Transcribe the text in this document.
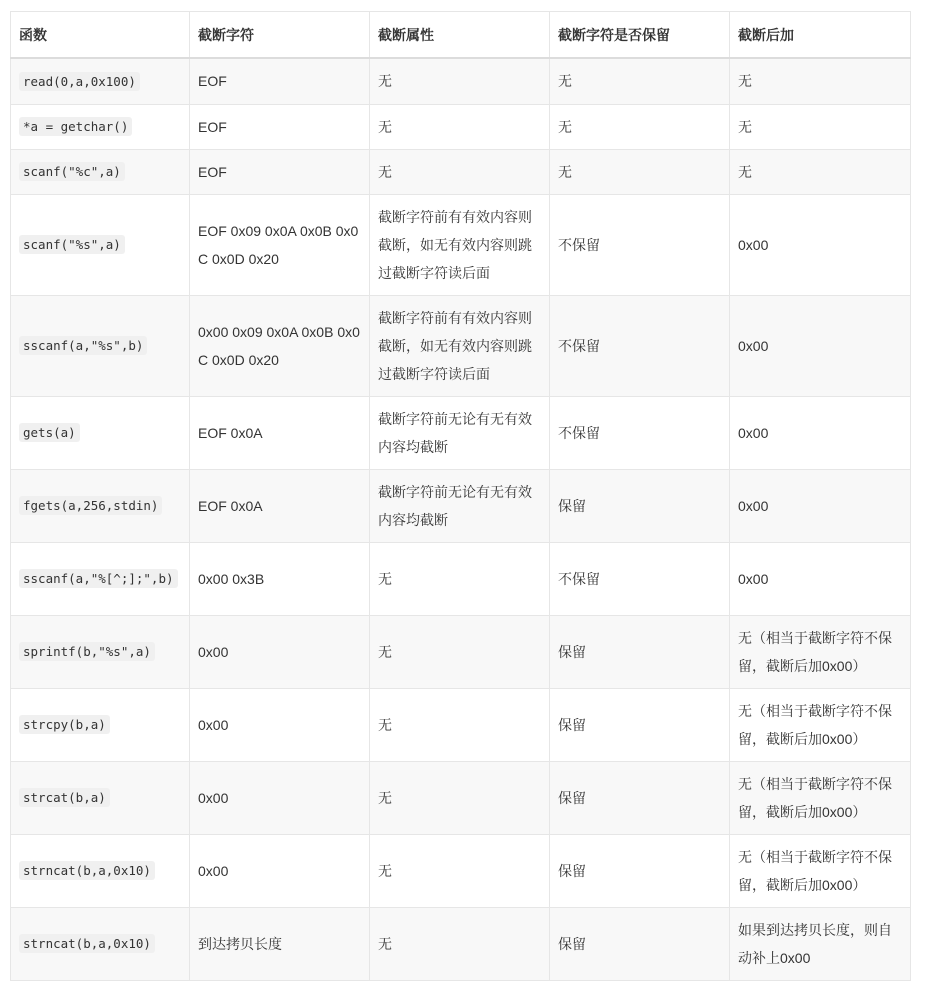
函数	截断字符	截断属性	截断字符是否保留	截断后加
read(0,a,0x100)	EOF	无	无	无
*a = getchar()	EOF	无	无	无
scanf("%c",a)	EOF	无	无	无
scanf("%s",a)	EOF 0x09 0x0A 0x0B 0x0C 0x0D 0x20	截断字符前有有效内容则截断，如无有效内容则跳过截断字符读后面	不保留	0x00
sscanf(a,"%s",b)	0x00 0x09 0x0A 0x0B 0x0C 0x0D 0x20	截断字符前有有效内容则截断，如无有效内容则跳过截断字符读后面	不保留	0x00
gets(a)	EOF 0x0A	截断字符前无论有无有效内容均截断	不保留	0x00
fgets(a,256,stdin)	EOF 0x0A	截断字符前无论有无有效内容均截断	保留	0x00
sscanf(a,"%[^;];",b)	0x00 0x3B	无	不保留	0x00
sprintf(b,"%s",a)	0x00	无	保留	无（相当于截断字符不保留，截断后加0x00）
strcpy(b,a)	0x00	无	保留	无（相当于截断字符不保留，截断后加0x00）
strcat(b,a)	0x00	无	保留	无（相当于截断字符不保留，截断后加0x00）
strncat(b,a,0x10)	0x00	无	保留	无（相当于截断字符不保留，截断后加0x00）
strncat(b,a,0x10)	到达拷贝长度	无	保留	如果到达拷贝长度，则自动补上0x00
